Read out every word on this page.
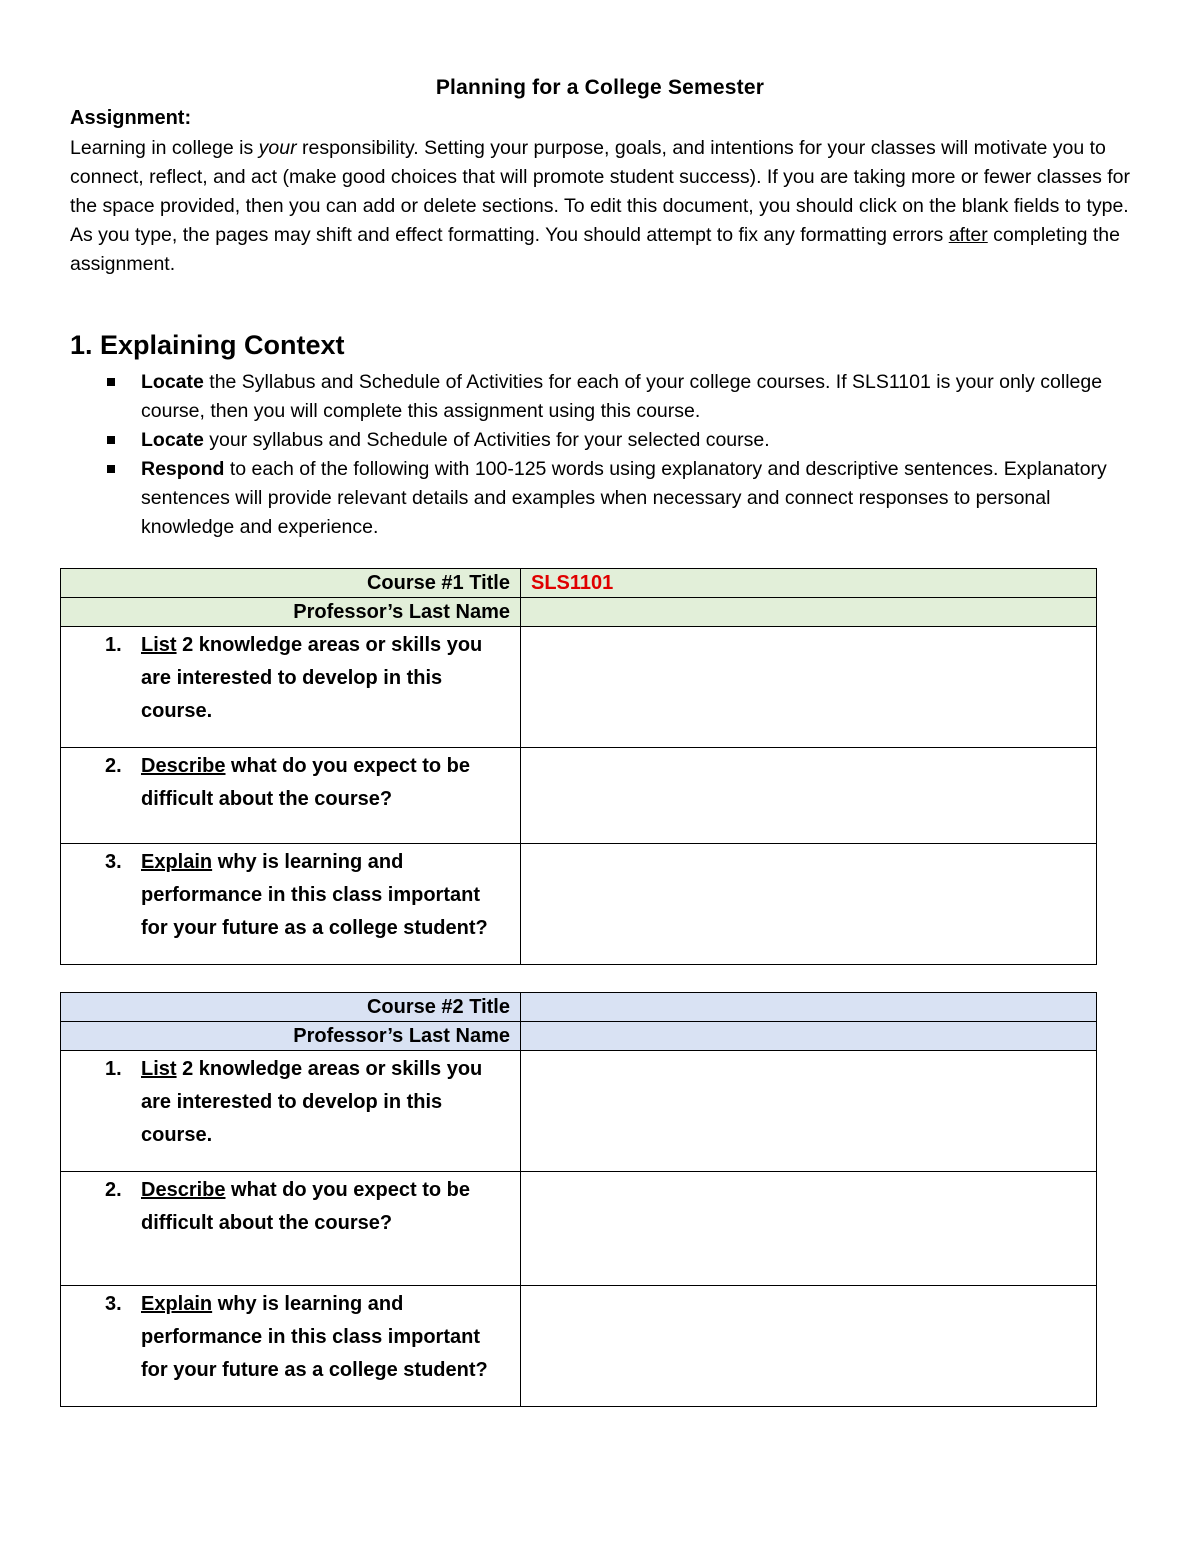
Planning for a College Semester
Assignment:

Learning in college is your responsibility. Setting your purpose, goals, and intentions for your classes will motivate you to connect, reflect, and act (make good choices that will promote student success). If you are taking more or fewer classes for the space provided, then you can add or delete sections. To edit this document, you should click on the blank fields to type. As you type, the pages may shift and effect formatting. You should attempt to fix any formatting errors after completing the assignment.

1. Explaining Context
Locate the Syllabus and Schedule of Activities for each of your college courses. If SLS1101 is your only college course, then you will complete this assignment using this course.
Locate your syllabus and Schedule of Activities for your selected course.
Respond to each of the following with 100-125 words using explanatory and descriptive sentences. Explanatory sentences will provide relevant details and examples when necessary and connect responses to personal knowledge and experience.
Course #1 Title	SLS1101
Professor’s Last Name	

1. List 2 knowledge areas or skills you are interested to develop in this course.	

2. Describe what do you expect to be difficult about the course?	

3. Explain why is learning and performance in this class important for your future as a college student?	
Course #2 Title	
Professor’s Last Name	

1. List 2 knowledge areas or skills you are interested to develop in this course.	

2. Describe what do you expect to be difficult about the course?	

3. Explain why is learning and performance in this class important for your future as a college student?	
